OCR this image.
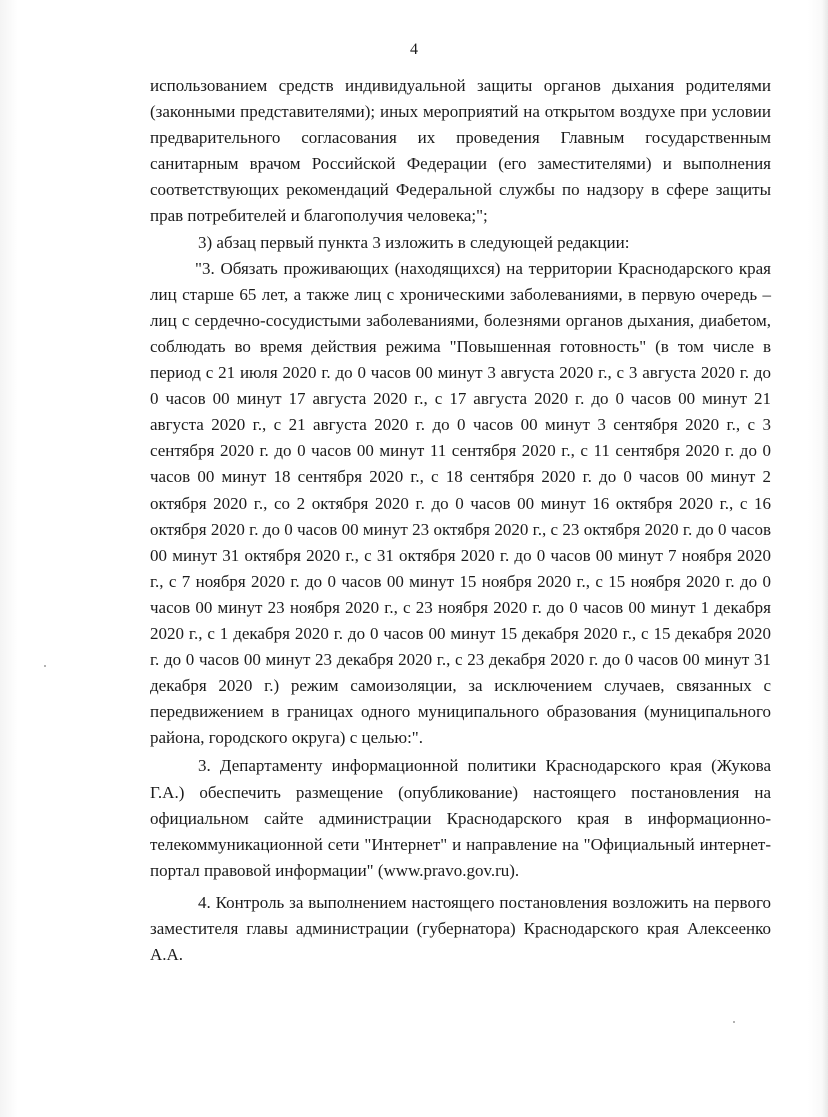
4

использованием средств индивидуальной защиты органов дыхания родителями (законными представителями); иных мероприятий на открытом воздухе при условии предварительного согласования их проведения Главным государственным санитарным врачом Российской Федерации (его заместителями) и выполнения соответствующих рекомендаций Федеральной службы по надзору в сфере защиты прав потребителей и благополучия человека;";

3) абзац первый пункта 3 изложить в следующей редакции:

"3. Обязать проживающих (находящихся) на территории Краснодарского края лиц старше 65 лет, а также лиц с хроническими заболеваниями, в первую очередь – лиц с сердечно-сосудистыми заболеваниями, болезнями органов дыхания, диабетом, соблюдать во время действия режима "Повышенная готовность" (в том числе в период с 21 июля 2020 г. до 0 часов 00 минут 3 августа 2020 г., с 3 августа 2020 г. до 0 часов 00 минут 17 августа 2020 г., с 17 августа 2020 г. до 0 часов 00 минут 21 августа 2020 г., с 21 августа 2020 г. до 0 часов 00 минут 3 сентября 2020 г., с 3 сентября 2020 г. до 0 часов 00 минут 11 сентября 2020 г., с 11 сентября 2020 г. до 0 часов 00 минут 18 сентября 2020 г., с 18 сентября 2020 г. до 0 часов 00 минут 2 октября 2020 г., со 2 октября 2020 г. до 0 часов 00 минут 16 октября 2020 г., с 16 октября 2020 г. до 0 часов 00 минут 23 октября 2020 г., с 23 октября 2020 г. до 0 часов 00 минут 31 октября 2020 г., с 31 октября 2020 г. до 0 часов 00 минут 7 ноября 2020 г., с 7 ноября 2020 г. до 0 часов 00 минут 15 ноября 2020 г., с 15 ноября 2020 г. до 0 часов 00 минут 23 ноября 2020 г., с 23 ноября 2020 г. до 0 часов 00 минут 1 декабря 2020 г., с 1 декабря 2020 г. до 0 часов 00 минут 15 декабря 2020 г., с 15 декабря 2020 г. до 0 часов 00 минут 23 декабря 2020 г., с 23 декабря 2020 г. до 0 часов 00 минут 31 декабря 2020 г.) режим самоизоляции, за исключением случаев, связанных с передвижением в границах одного муниципального образования (муниципального района, городского округа) с целью:".

3. Департаменту информационной политики Краснодарского края (Жукова Г.А.) обеспечить размещение (опубликование) настоящего постановления на официальном сайте администрации Краснодарского края в информационно-телекоммуникационной сети "Интернет" и направление на "Официальный интернет-портал правовой информации" (www.pravo.gov.ru).

4. Контроль за выполнением настоящего постановления возложить на первого заместителя главы администрации (губернатора) Краснодарского края Алексеенко А.А.
